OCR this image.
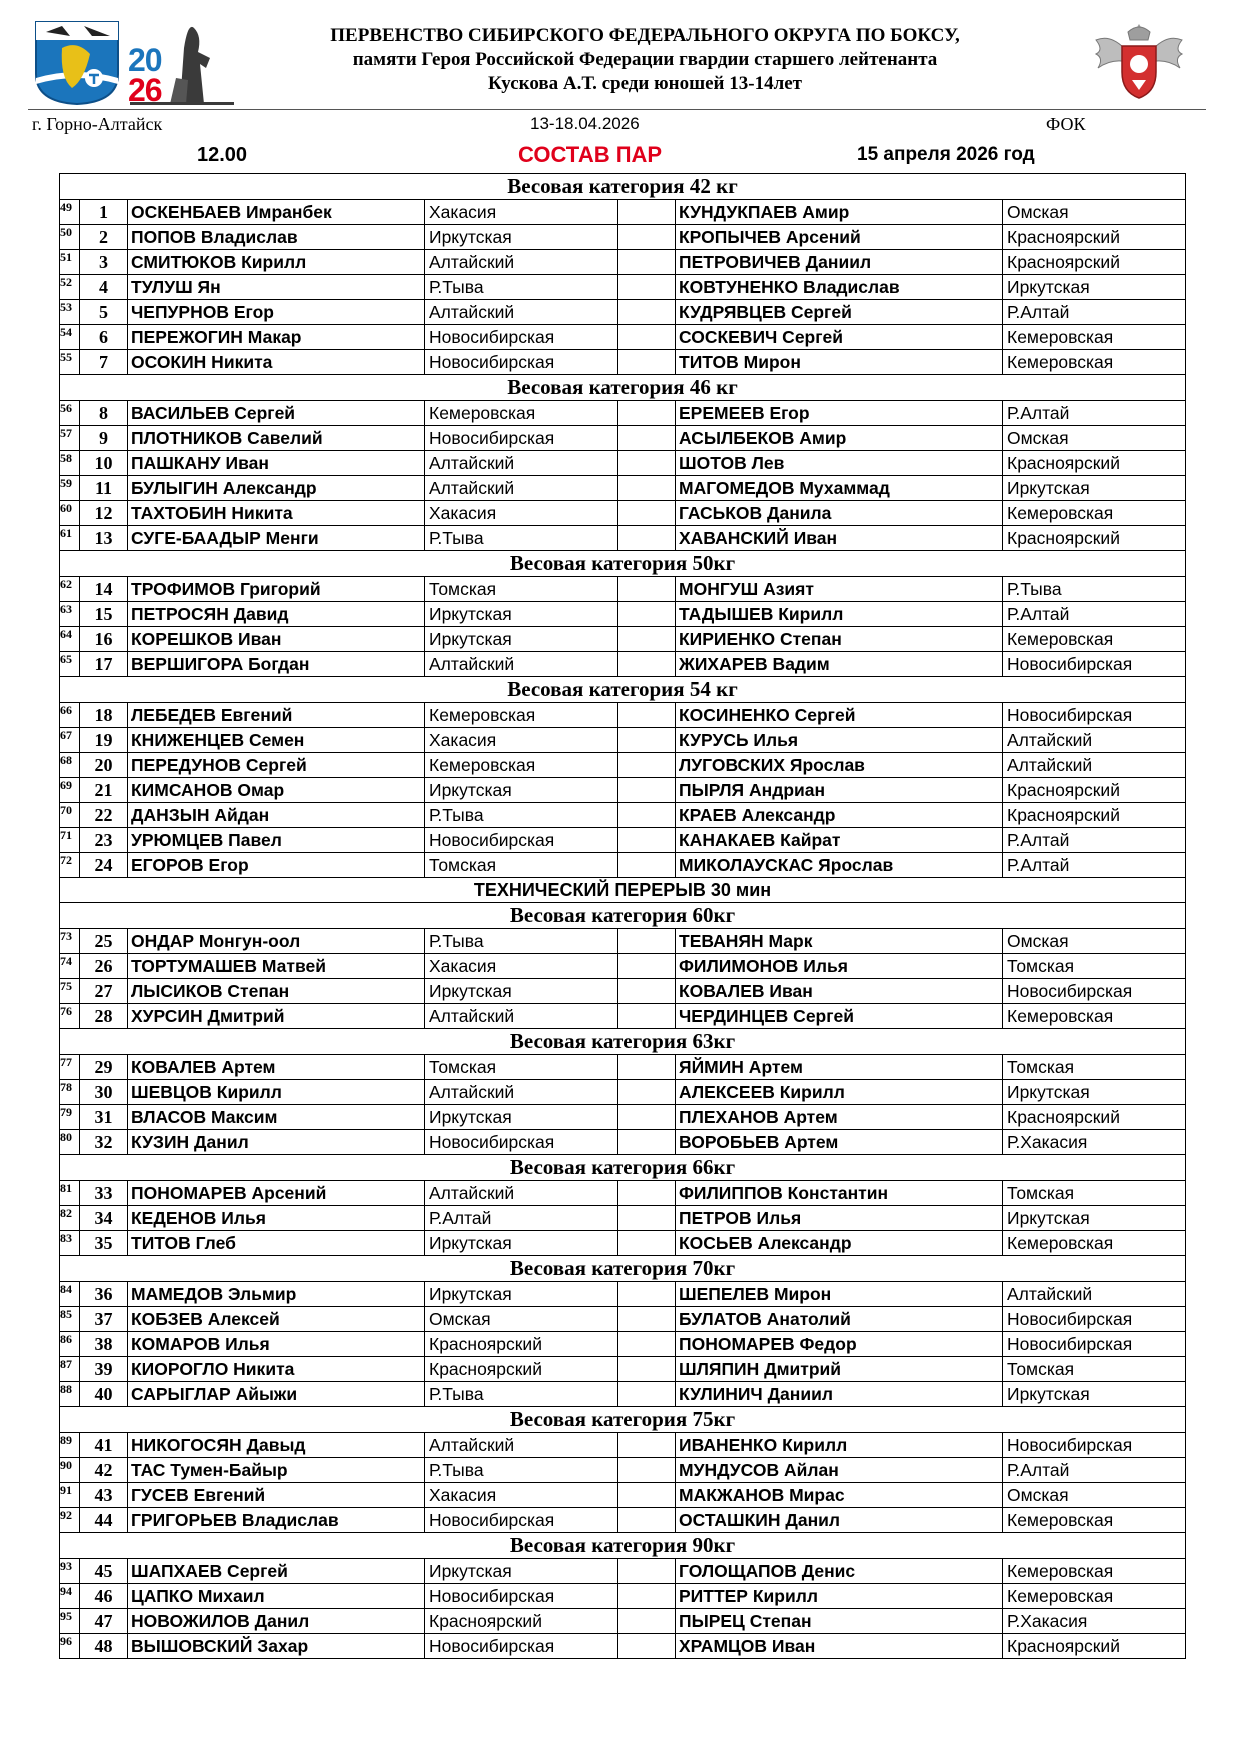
20
26
ПЕРВЕНСТВО СИБИРСКОГО ФЕДЕРАЛЬНОГО ОКРУГА ПО БОКСУ,
памяти Героя Российской Федерации гвардии старшего лейтенанта
Кускова А.Т. среди юношей 13-14лет
г. Горно-Алтайск	13-18.04.2026	ФОК
12.00	СОСТАВ ПАР	15 апреля 2026 год
Весовая категория 42 кг						
49	1	ОСКЕНБАЕВ Имранбек	Хакасия		КУНДУКПАЕВ Амир	Омская
50	2	ПОПОВ Владислав	Иркутская		КРОПЫЧЕВ Арсений	Красноярский
51	3	СМИТЮКОВ Кирилл	Алтайский		ПЕТРОВИЧЕВ Даниил	Красноярский
52	4	ТУЛУШ Ян	Р.Тыва		КОВТУНЕНКО Владислав	Иркутская
53	5	ЧЕПУРНОВ Егор	Алтайский		КУДРЯВЦЕВ Сергей	Р.Алтай
54	6	ПЕРЕЖОГИН Макар	Новосибирская		СОСКЕВИЧ Сергей	Кемеровская
55	7	ОСОКИН Никита	Новосибирская		ТИТОВ Мирон	Кемеровская
Весовая категория 46 кг						
56	8	ВАСИЛЬЕВ Сергей	Кемеровская		ЕРЕМЕЕВ Егор	Р.Алтай
57	9	ПЛОТНИКОВ Савелий	Новосибирская		АСЫЛБЕКОВ Амир	Омская
58	10	ПАШКАНУ Иван	Алтайский		ШОТОВ Лев	Красноярский
59	11	БУЛЫГИН Александр	Алтайский		МАГОМЕДОВ Мухаммад	Иркутская
60	12	ТАХТОБИН Никита	Хакасия		ГАСЬКОВ Данила	Кемеровская
61	13	СУГЕ-БААДЫР Менги	Р.Тыва		ХАВАНСКИЙ Иван	Красноярский
Весовая категория 50кг						
62	14	ТРОФИМОВ Григорий	Томская		МОНГУШ Азият	Р.Тыва
63	15	ПЕТРОСЯН Давид	Иркутская		ТАДЫШЕВ Кирилл	Р.Алтай
64	16	КОРЕШКОВ Иван	Иркутская		КИРИЕНКО Степан	Кемеровская
65	17	ВЕРШИГОРА Богдан	Алтайский		ЖИХАРЕВ Вадим	Новосибирская
Весовая категория 54 кг						
66	18	ЛЕБЕДЕВ Евгений	Кемеровская		КОСИНЕНКО Сергей	Новосибирская
67	19	КНИЖЕНЦЕВ Семен	Хакасия		КУРУСЬ Илья	Алтайский
68	20	ПЕРЕДУНОВ Сергей	Кемеровская		ЛУГОВСКИХ Ярослав	Алтайский
69	21	КИМСАНОВ Омар	Иркутская		ПЫРЛЯ Андриан	Красноярский
70	22	ДАНЗЫН Айдан	Р.Тыва		КРАЕВ Александр	Красноярский
71	23	УРЮМЦЕВ Павел	Новосибирская		КАНАКАЕВ Кайрат	Р.Алтай
72	24	ЕГОРОВ Егор	Томская		МИКОЛАУСКАС Ярослав	Р.Алтай
ТЕХНИЧЕСКИЙ ПЕРЕРЫВ 30 мин						
Весовая категория 60кг						
73	25	ОНДАР Монгун-оол	Р.Тыва		ТЕВАНЯН Марк	Омская
74	26	ТОРТУМАШЕВ Матвей	Хакасия		ФИЛИМОНОВ Илья	Томская
75	27	ЛЫСИКОВ Степан	Иркутская		КОВАЛЕВ Иван	Новосибирская
76	28	ХУРСИН Дмитрий	Алтайский		ЧЕРДИНЦЕВ Сергей	Кемеровская
Весовая категория 63кг						
77	29	КОВАЛЕВ Артем	Томская		ЯЙМИН Артем	Томская
78	30	ШЕВЦОВ Кирилл	Алтайский		АЛЕКСЕЕВ Кирилл	Иркутская
79	31	ВЛАСОВ Максим	Иркутская		ПЛЕХАНОВ Артем	Красноярский
80	32	КУЗИН Данил	Новосибирская		ВОРОБЬЕВ Артем	Р.Хакасия
Весовая категория 66кг						
81	33	ПОНОМАРЕВ Арсений	Алтайский		ФИЛИППОВ Константин	Томская
82	34	КЕДЕНОВ Илья	Р.Алтай		ПЕТРОВ Илья	Иркутская
83	35	ТИТОВ Глеб	Иркутская		КОСЬЕВ Александр	Кемеровская
Весовая категория 70кг						
84	36	МАМЕДОВ Эльмир	Иркутская		ШЕПЕЛЕВ Мирон	Алтайский
85	37	КОБЗЕВ Алексей	Омская		БУЛАТОВ Анатолий	Новосибирская
86	38	КОМАРОВ Илья	Красноярский		ПОНОМАРЕВ Федор	Новосибирская
87	39	КИОРОГЛО Никита	Красноярский		ШЛЯПИН Дмитрий	Томская
88	40	САРЫГЛАР Айыжи	Р.Тыва		КУЛИНИЧ Даниил	Иркутская
Весовая категория 75кг						
89	41	НИКОГОСЯН Давыд	Алтайский		ИВАНЕНКО Кирилл	Новосибирская
90	42	ТАС Тумен-Байыр	Р.Тыва		МУНДУСОВ Айлан	Р.Алтай
91	43	ГУСЕВ Евгений	Хакасия		МАКЖАНОВ Мирас	Омская
92	44	ГРИГОРЬЕВ Владислав	Новосибирская		ОСТАШКИН Данил	Кемеровская
Весовая категория 90кг						
93	45	ШАПХАЕВ Сергей	Иркутская		ГОЛОЩАПОВ Денис	Кемеровская
94	46	ЦАПКО Михаил	Новосибирская		РИТТЕР Кирилл	Кемеровская
95	47	НОВОЖИЛОВ Данил	Красноярский		ПЫРЕЦ Степан	Р.Хакасия
96	48	ВЫШОВСКИЙ Захар	Новосибирская		ХРАМЦОВ Иван	Красноярский
